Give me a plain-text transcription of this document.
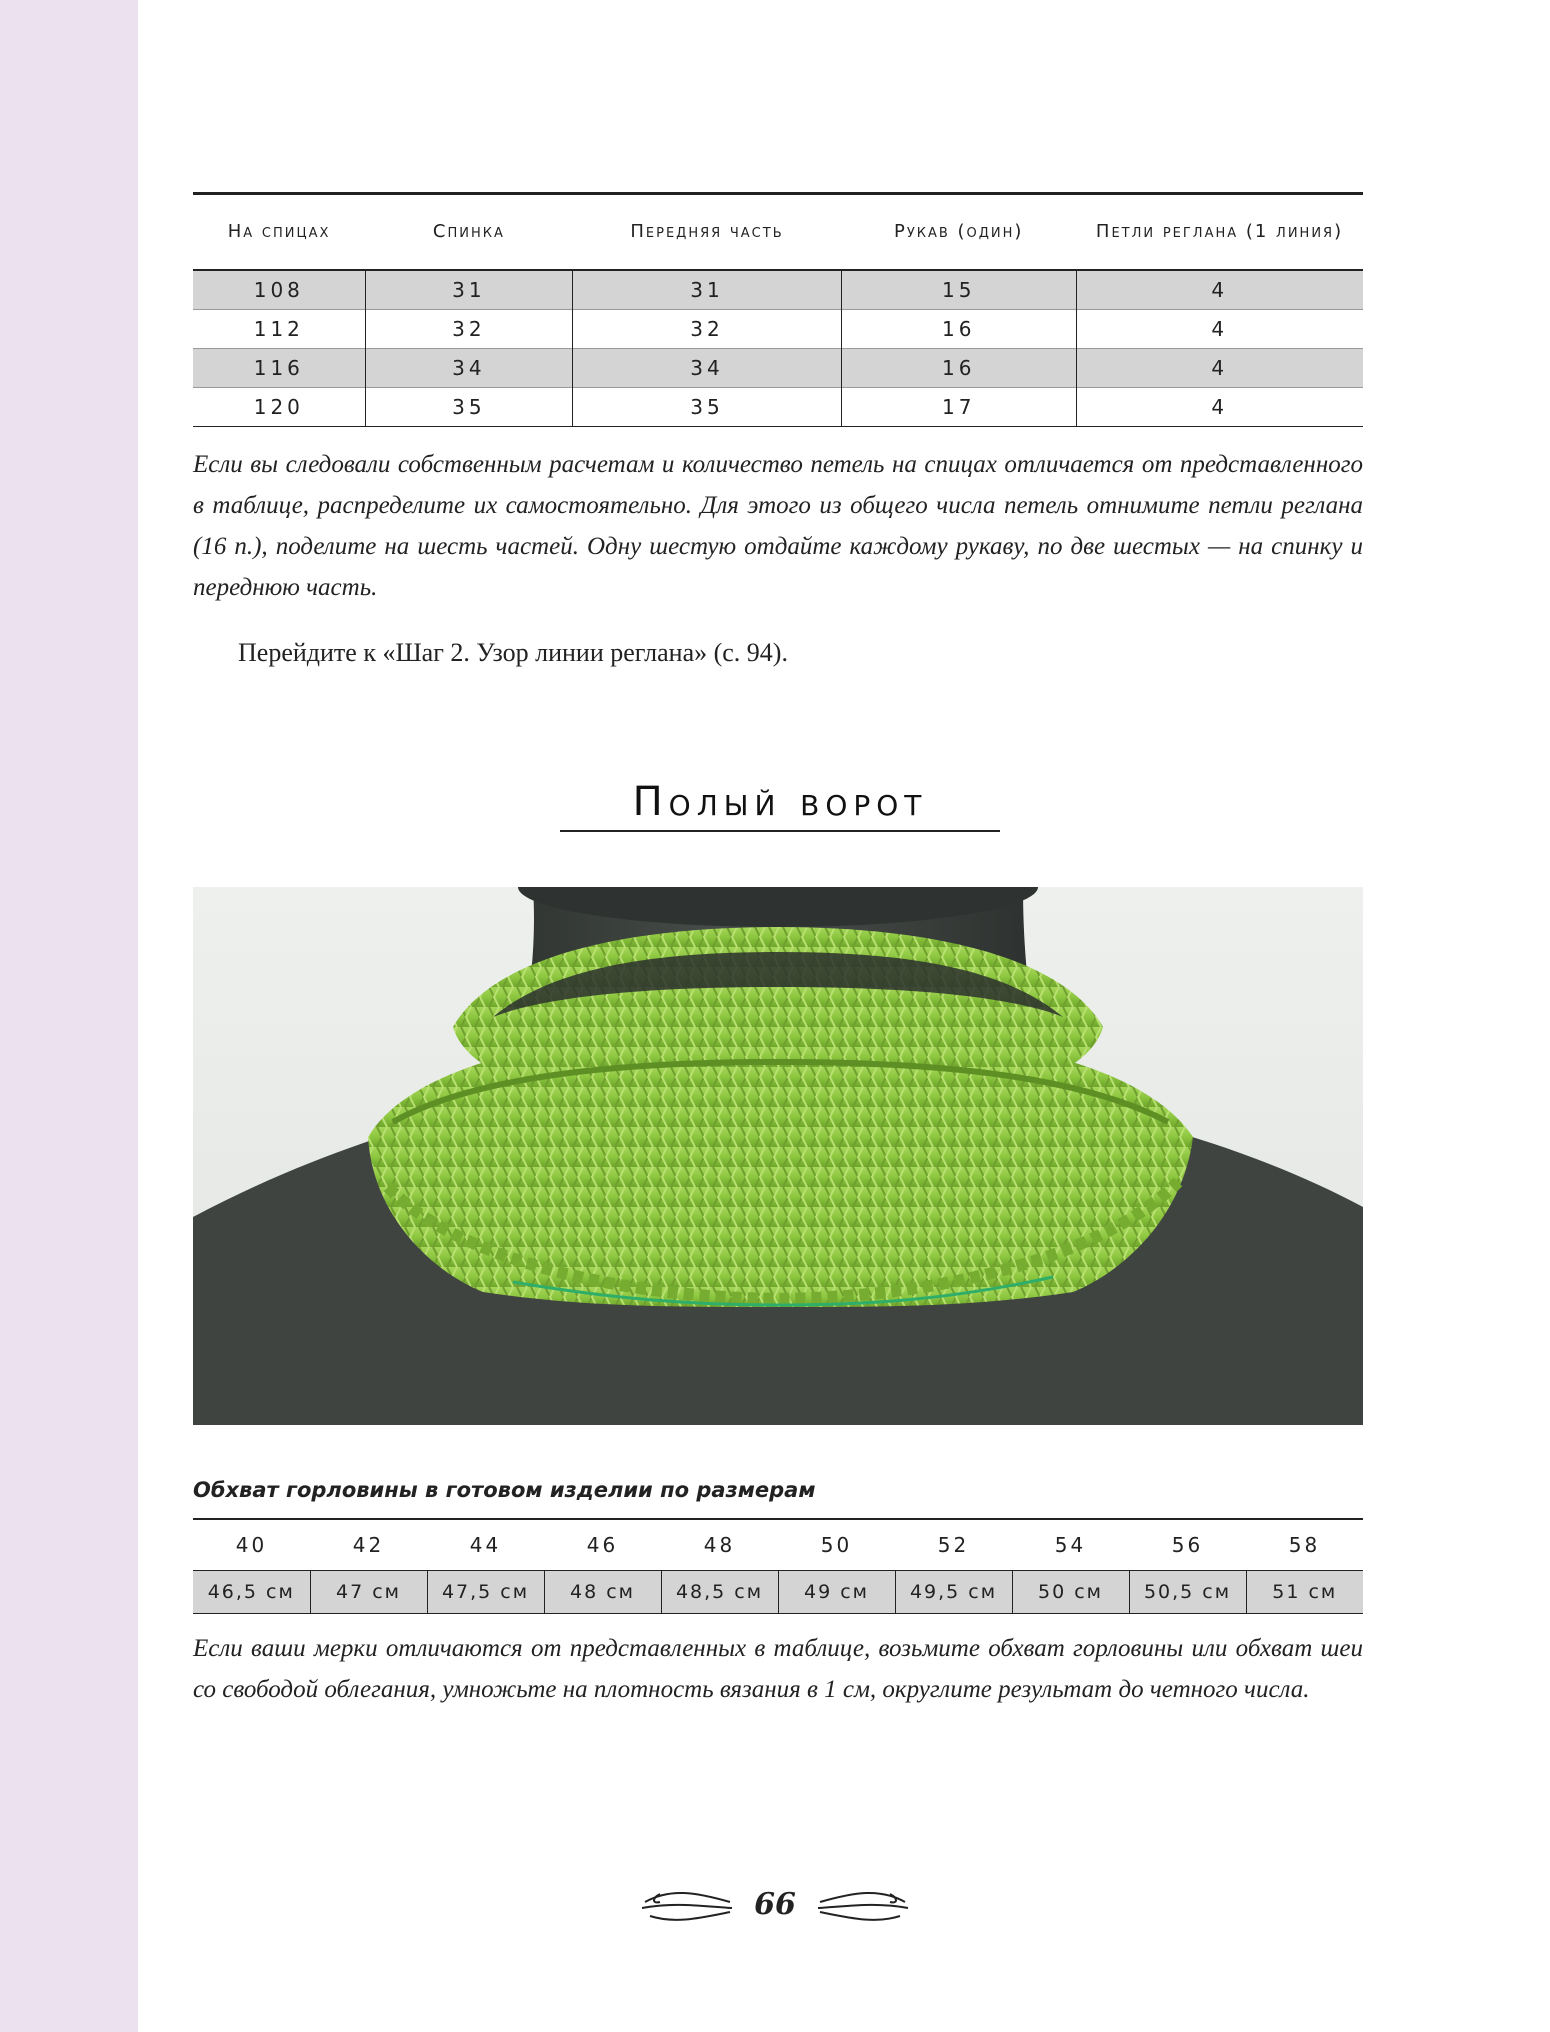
На спицах	Спинка	Передняя часть	Рукав (один)	Петли реглана (1 линия)
108	31	31	15	4
112	32	32	16	4
116	34	34	16	4
120	35	35	17	4

Если вы следовали собственным расчетам и количество петель на спицах отличается от представленного в таблице, распределите их самостоятельно. Для этого из общего числа петель отнимите петли реглана (16 п.), поделите на шесть частей. Одну шестую отдайте каждому рукаву, по две шестых — на спинку и переднюю часть.

Перейдите к «Шаг 2. Узор линии реглана» (с. 94).

Полый ворот

Обхват горловины в готовом изделии по размерам

40	42	44	46	48	50	52	54	56	58
46,5 см	47 см	47,5 см	48 см	48,5 см	49 см	49,5 см	50 см	50,5 см	51 см

Если ваши мерки отличаются от представленных в таблице, возьмите обхват горловины или обхват шеи со свободой облегания, умножьте на плотность вязания в 1 см, округлите результат до четного числа.

66
